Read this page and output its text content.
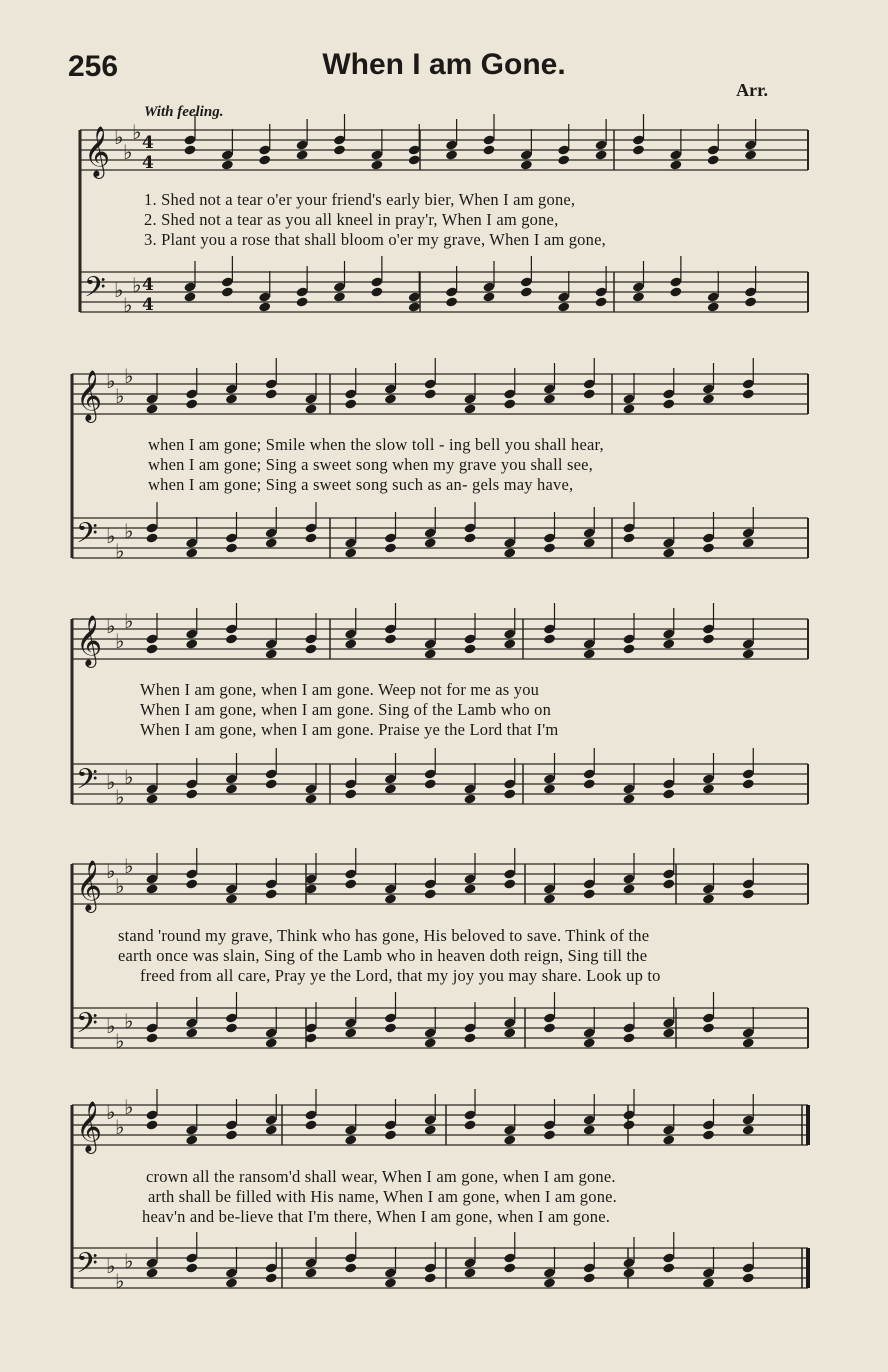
256	When I am Gone.
Arr.
With feeling.
𝄞 ♭
♭
♭
𝄢 ♭
♭
♭
4
4
4
4
𝄞 ♭
♭
♭
𝄢 ♭
♭
♭
𝄞 ♭
♭
♭
𝄢 ♭
♭
♭
𝄞 ♭
♭
♭
𝄢 ♭
♭
♭
𝄞 ♭
♭
♭
𝄢 ♭
♭
♭
1. Shed not a tear o'er your friend's early bier, When I am gone,
2. Shed not a tear as you all kneel in pray'r, When I am gone,
3. Plant you a rose that shall bloom o'er my grave, When I am gone,
when I am gone; Smile when the slow toll - ing bell you shall hear,
when I am gone; Sing a sweet song when my grave you shall see,
when I am gone; Sing a sweet song such as an- gels may have,
When I am gone, when I am gone. Weep not for me as you
When I am gone, when I am gone. Sing of the Lamb who on
When I am gone, when I am gone. Praise ye the Lord that I'm
stand 'round my grave, Think who has gone, His beloved to save. Think of the
earth once was slain, Sing of the Lamb who in heaven doth reign, Sing till the
freed from all care, Pray ye the Lord, that my joy you may share. Look up to
crown all the ransom'd shall wear, When I am gone, when I am gone.
arth shall be filled with His name, When I am gone, when I am gone.
heav'n and be-lieve that I'm there, When I am gone, when I am gone.
